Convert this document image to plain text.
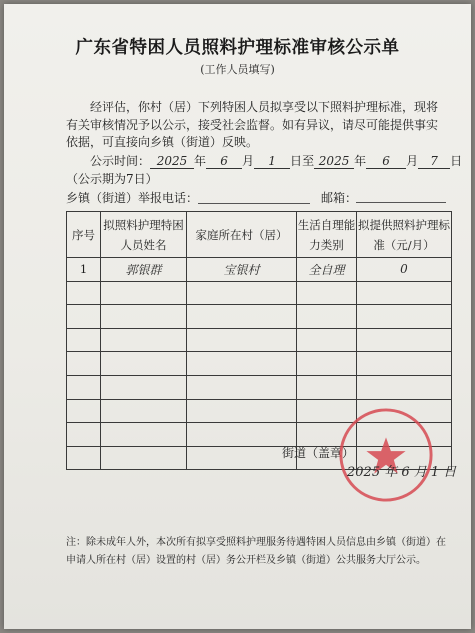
广东省特困人员照料护理标准审核公示单
(工作人员填写)
经评估，你村（居）下列特困人员拟享受以下照料护理标准，现将有关审核情况予以公示，接受社会监督。如有异议，请尽可能提供事实依据，可直接向乡镇（街道）反映。
公示时间： 2025 年 6 月 1 日至 2025 年 6 月 7 日
（公示期为7日）
乡镇（街道）举报电话：	邮箱：
序号	拟照料护理特困人员姓名	家庭所在村（居）	生活自理能力类别	拟提供照料护理标准（元/月）
1	郭银群	宝银村	全自理	0

街道（盖章）
2025 年 6 月 1 日
注：除未成年人外，本次所有拟享受照料护理服务待遇特困人员信息由乡镇（街道）在申请人所在村（居）设置的村（居）务公开栏及乡镇（街道）公共服务大厅公示。
